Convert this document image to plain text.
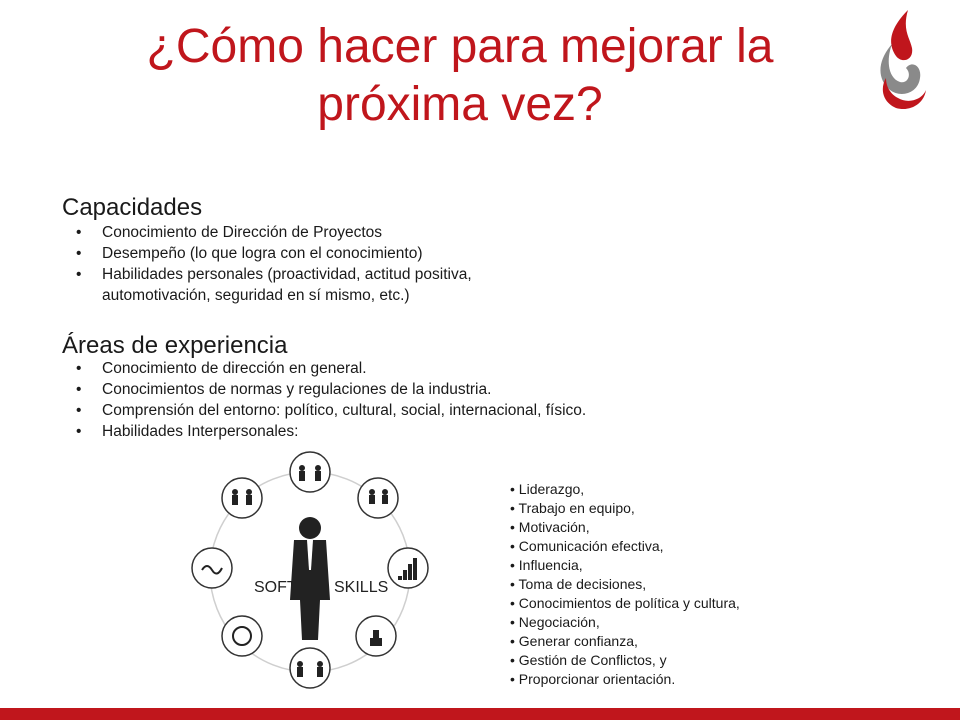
¿Cómo hacer para mejorar la próxima vez?
Capacidades
• Conocimiento de Dirección de Proyectos
• Desempeño (lo que logra con el conocimiento)
• Habilidades personales (proactividad, actitud positiva,
automotivación, seguridad en sí mismo, etc.)
Áreas de experiencia
• Conocimiento de dirección en general.
• Conocimientos de normas y regulaciones de la industria.
• Comprensión del entorno: político, cultural, social, internacional, físico.
• Habilidades Interpersonales:
SOFT SKILLS
• Liderazgo,
• Trabajo en equipo,
• Motivación,
• Comunicación efectiva,
• Influencia,
• Toma de decisiones,
• Conocimientos de política y cultura,
• Negociación,
• Generar confianza,
• Gestión de Conflictos, y
• Proporcionar orientación.
